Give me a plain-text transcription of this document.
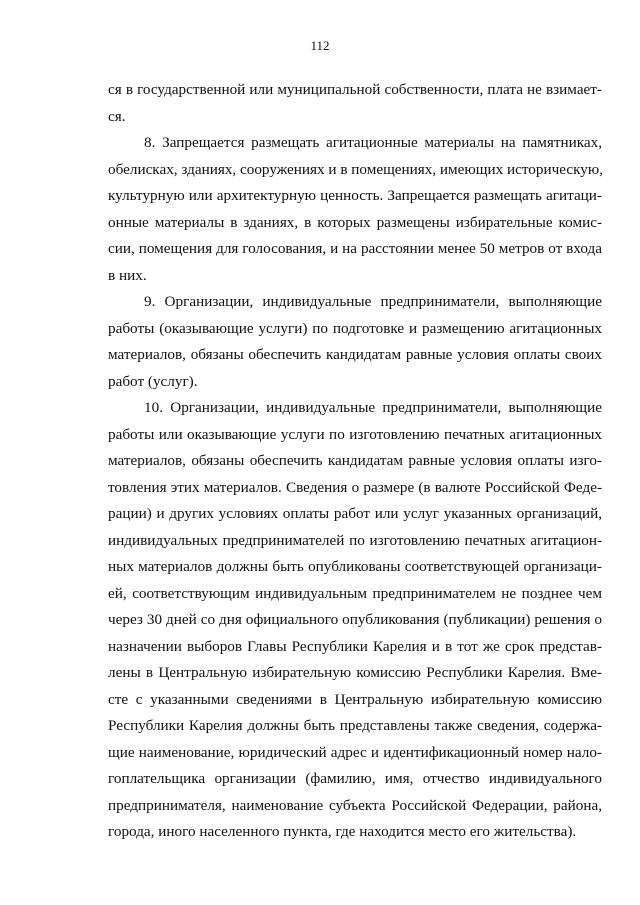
112
ся в государственной или муниципальной собственности, плата не взимает-
ся.
8. Запрещается размещать агитационные материалы на памятниках,
обелисках, зданиях, сооружениях и в помещениях, имеющих историческую,
культурную или архитектурную ценность. Запрещается размещать агитаци-
онные материалы в зданиях, в которых размещены избирательные комис-
сии, помещения для голосования, и на расстоянии менее 50 метров от входа
в них.
9. Организации, индивидуальные предприниматели, выполняющие
работы (оказывающие услуги) по подготовке и размещению агитационных
материалов, обязаны обеспечить кандидатам равные условия оплаты своих
работ (услуг).
10. Организации, индивидуальные предприниматели, выполняющие
работы или оказывающие услуги по изготовлению печатных агитационных
материалов, обязаны обеспечить кандидатам равные условия оплаты изго-
товления этих материалов. Сведения о размере (в валюте Российской Феде-
рации) и других условиях оплаты работ или услуг указанных организаций,
индивидуальных предпринимателей по изготовлению печатных агитацион-
ных материалов должны быть опубликованы соответствующей организаци-
ей, соответствующим индивидуальным предпринимателем не позднее чем
через 30 дней со дня официального опубликования (публикации) решения о
назначении выборов Главы Республики Карелия и в тот же срок представ-
лены в Центральную избирательную комиссию Республики Карелия. Вме-
сте с указанными сведениями в Центральную избирательную комиссию
Республики Карелия должны быть представлены также сведения, содержа-
щие наименование, юридический адрес и идентификационный номер нало-
гоплательщика организации (фамилию, имя, отчество индивидуального
предпринимателя, наименование субъекта Российской Федерации, района,
города, иного населенного пункта, где находится место его жительства).
